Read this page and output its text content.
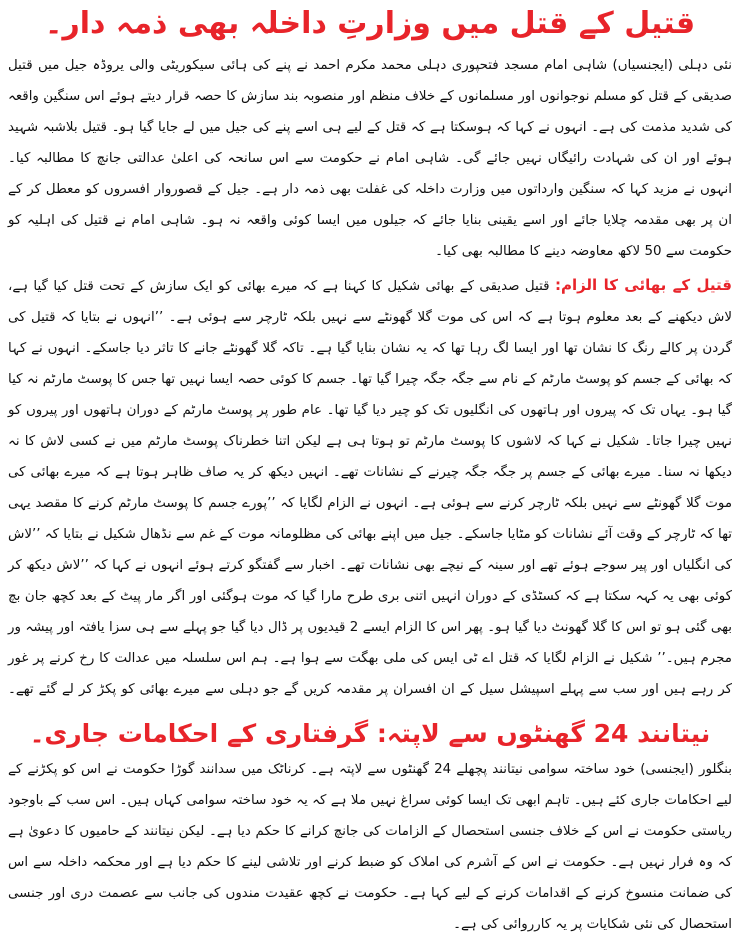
قتیل کے قتل میں وزارتِ داخلہ بھی ذمہ دار۔

نئی دہلی (ایجنسیاں) شاہی امام مسجد فتحپوری دہلی محمد مکرم احمد نے پنے کی ہائی سیکوریٹی والی یروڈہ جیل میں قتیل صدیقی کے قتل کو مسلم نوجوانوں اور مسلمانوں کے خلاف منظم اور منصوبہ بند سازش کا حصہ قرار دیتے ہوئے اس سنگین واقعہ کی شدید مذمت کی ہے۔ انہوں نے کہا کہ ہوسکتا ہے کہ قتل کے لیے ہی اسے پنے کی جیل میں لے جایا گیا ہو۔ قتیل بلاشبہ شہید ہوئے اور ان کی شہادت رائیگاں نہیں جائے گی۔ شاہی امام نے حکومت سے اس سانحہ کی اعلیٰ عدالتی جانچ کا مطالبہ کیا۔ انہوں نے مزید کہا کہ سنگین وارداتوں میں وزارت داخلہ کی غفلت بھی ذمہ دار ہے۔ جیل کے قصوروار افسروں کو معطل کر کے ان پر بھی مقدمہ چلایا جائے اور اسے یقینی بنایا جائے کہ جیلوں میں ایسا کوئی واقعہ نہ ہو۔ شاہی امام نے قتیل کی اہلیہ کو حکومت سے 50 لاکھ معاوضہ دینے کا مطالبہ بھی کیا۔

قتیل کے بھائی کا الزام: قتیل صدیقی کے بھائی شکیل کا کہنا ہے کہ میرے بھائی کو ایک سازش کے تحت قتل کیا گیا ہے، لاش دیکھنے کے بعد معلوم ہوتا ہے کہ اس کی موت گلا گھونٹے سے نہیں بلکہ ٹارچر سے ہوئی ہے۔ ’’انہوں نے بتایا کہ قتیل کی گردن پر کالے رنگ کا نشان تھا اور ایسا لگ رہا تھا کہ یہ نشان بنایا گیا ہے۔ تاکہ گلا گھونٹے جانے کا تاثر دیا جاسکے۔ انہوں نے کہا کہ بھائی کے جسم کو پوسٹ مارٹم کے نام سے جگہ جگہ چیرا گیا تھا۔ جسم کا کوئی حصہ ایسا نہیں تھا جس کا پوسٹ مارٹم نہ کیا گیا ہو۔ یہاں تک کہ پیروں اور ہاتھوں کی انگلیوں تک کو چیر دیا گیا تھا۔ عام طور پر پوسٹ مارٹم کے دوران ہاتھوں اور پیروں کو نہیں چیرا جاتا۔ شکیل نے کہا کہ لاشوں کا پوسٹ مارٹم تو ہوتا ہی ہے لیکن اتنا خطرناک پوسٹ مارٹم میں نے کسی لاش کا نہ دیکھا نہ سنا۔ میرے بھائی کے جسم پر جگہ جگہ چیرنے کے نشانات تھے۔ انہیں دیکھ کر یہ صاف ظاہر ہوتا ہے کہ میرے بھائی کی موت گلا گھونٹے سے نہیں بلکہ ٹارچر کرنے سے ہوئی ہے۔ انہوں نے الزام لگایا کہ ’’پورے جسم کا پوسٹ مارٹم کرنے کا مقصد یہی تھا کہ ٹارچر کے وقت آئے نشانات کو مٹایا جاسکے۔ جیل میں اپنے بھائی کی مظلومانہ موت کے غم سے نڈھال شکیل نے بتایا کہ ’’لاش کی انگلیاں اور پیر سوجے ہوئے تھے اور سینہ کے نیچے بھی نشانات تھے۔ اخبار سے گفتگو کرتے ہوئے انہوں نے کہا کہ ’’لاش دیکھ کر کوئی بھی یہ کہہ سکتا ہے کہ کسٹڈی کے دوران انہیں اتنی بری طرح مارا گیا کہ موت ہوگئی اور اگر مار پیٹ کے بعد کچھ جان بچ بھی گئی ہو تو اس کا گلا گھونٹ دیا گیا ہو۔ پھر اس کا الزام ایسے 2 قیدیوں پر ڈال دیا گیا جو پہلے سے ہی سزا یافتہ اور پیشہ ور مجرم ہیں۔’’ شکیل نے الزام لگایا کہ قتل اے ٹی ایس کی ملی بھگت سے ہوا ہے۔ ہم اس سلسلہ میں عدالت کا رخ کرنے پر غور کر رہے ہیں اور سب سے پہلے اسپیشل سیل کے ان افسران پر مقدمہ کریں گے جو دہلی سے میرے بھائی کو پکڑ کر لے گئے تھے۔

نیتانند 24 گھنٹوں سے لاپتہ: گرفتاری کے احکامات جاری۔

بنگلور (ایجنسی) خود ساختہ سوامی نیتانند پچھلے 24 گھنٹوں سے لاپتہ ہے۔ کرناٹک میں سدانند گوڑا حکومت نے اس کو پکڑنے کے لیے احکامات جاری کئے ہیں۔ تاہم ابھی تک ایسا کوئی سراغ نہیں ملا ہے کہ یہ خود ساختہ سوامی کہاں ہیں۔ اس سب کے باوجود ریاستی حکومت نے اس کے خلاف جنسی استحصال کے الزامات کی جانچ کرانے کا حکم دیا ہے۔ لیکن نیتانند کے حامیوں کا دعویٰ ہے کہ وہ فرار نہیں ہے۔ حکومت نے اس کے آشرم کی املاک کو ضبط کرنے اور تلاشی لینے کا حکم دیا ہے اور محکمہ داخلہ سے اس کی ضمانت منسوخ کرنے کے اقدامات کرنے کے لیے کہا ہے۔ حکومت نے کچھ عقیدت مندوں کی جانب سے عصمت دری اور جنسی استحصال کی نئی شکایات پر یہ کارروائی کی ہے۔
